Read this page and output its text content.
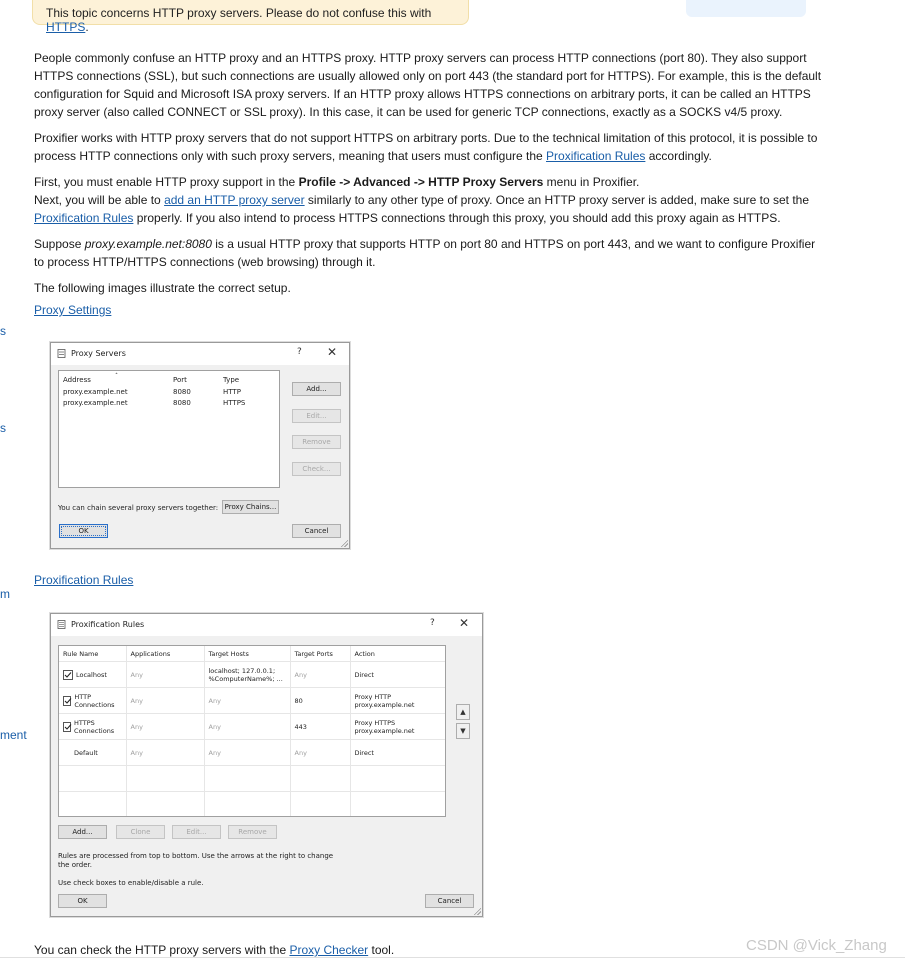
This topic concerns HTTP proxy servers. Please do not confuse this with HTTPS.
s
s
m
ment

People commonly confuse an HTTP proxy and an HTTPS proxy. HTTP proxy servers can process HTTP connections (port 80). They also support HTTPS connections (SSL), but such connections are usually allowed only on port 443 (the standard port for HTTPS). For example, this is the default configuration for Squid and Microsoft ISA proxy servers. If an HTTP proxy allows HTTPS connections on arbitrary ports, it can be called an HTTPS proxy server (also called CONNECT or SSL proxy). In this case, it can be used for generic TCP connections, exactly as a SOCKS v4/5 proxy.

Proxifier works with HTTP proxy servers that do not support HTTPS on arbitrary ports. Due to the technical limitation of this protocol, it is possible to process HTTP connections only with such proxy servers, meaning that users must configure the Proxification Rules accordingly.

First, you must enable HTTP proxy support in the Profile -> Advanced -> HTTP Proxy Servers menu in Proxifier.
Next, you will be able to add an HTTP proxy server similarly to any other type of proxy. Once an HTTP proxy server is added, make sure to set the Proxification Rules properly. If you also intend to process HTTPS connections through this proxy, you should add this proxy again as HTTPS.

Suppose proxy.example.net:8080 is a usual HTTP proxy that supports HTTP on port 80 and HTTPS on port 443, and we want to configure Proxifier to process HTTP/HTTPS connections (web browsing) through it.

The following images illustrate the correct setup.

Proxy Settings
Proxy Servers	? ✕
Address	ˆ	Port	Type
proxy.example.net	8080	HTTP
proxy.example.net	8080	HTTPS
Add...
Edit...
Remove
Check...
You can chain several proxy servers together: Proxy Chains...
OK	Cancel
Proxification Rules
Proxification Rules	? ✕
Rule Name	Applications	Target Hosts	Target Ports	Action

Localhost	Any	localhost; 127.0.0.1; %ComputerName%; ...	Any	Direct

HTTP Connections	Any	Any	80	Proxy HTTP proxy.example.net

HTTPS Connections	Any	Any	443	Proxy HTTPS proxy.example.net
Default	Any	Any	Any	Direct

▲
▼
Add...	Clone	Edit...	Remove
Rules are processed from top to bottom. Use the arrows at the right to change the order.
Use check boxes to enable/disable a rule.
OK	Cancel

You can check the HTTP proxy servers with the Proxy Checker tool.	CSDN @Vick_Zhang
